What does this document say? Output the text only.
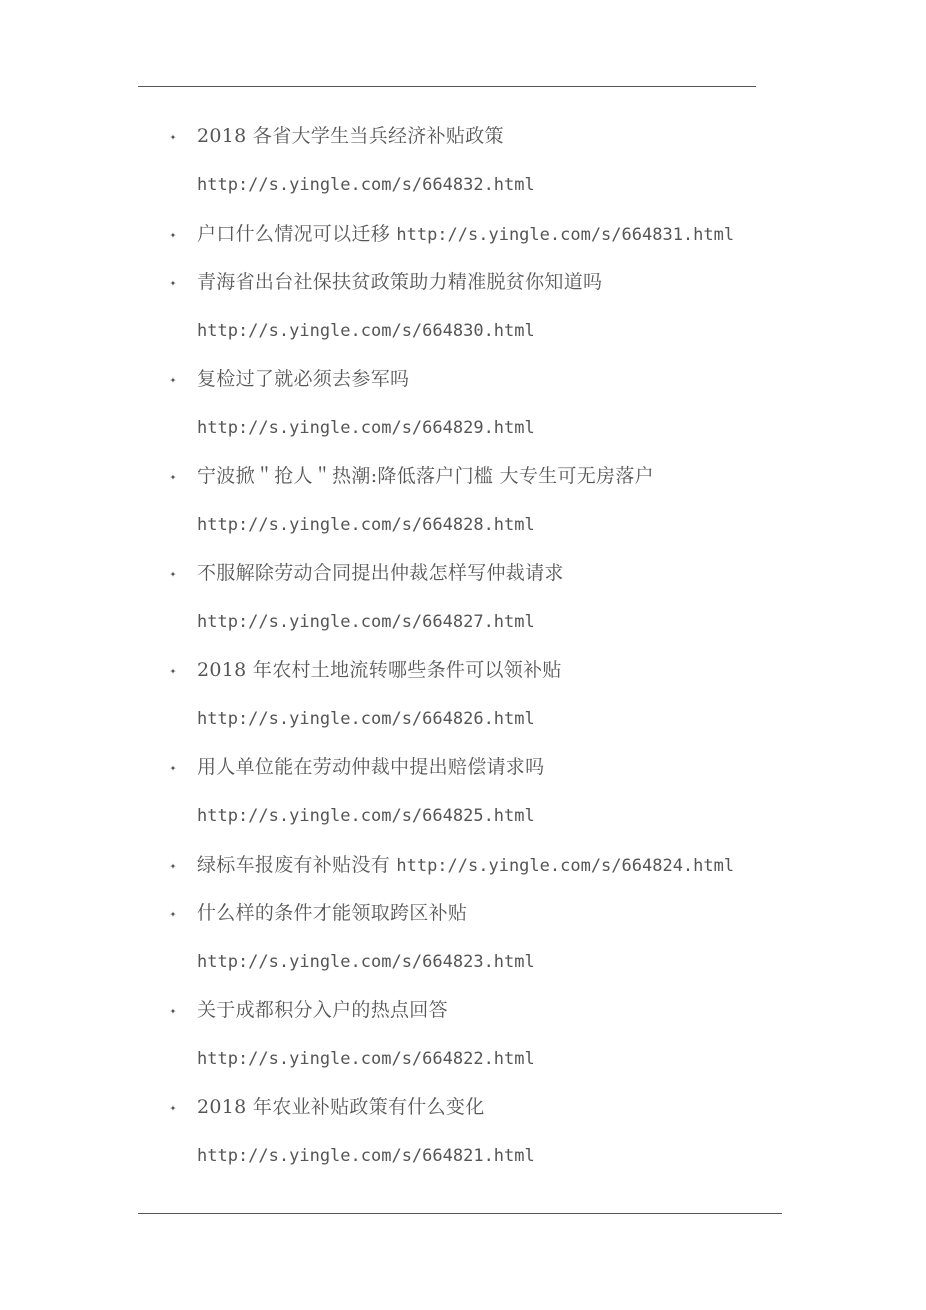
✦ 2018 各省大学生当兵经济补贴政策
http://s.yingle.com/s/664832.html
✦ 户口什么情况可以迁移 http://s.yingle.com/s/664831.html
✦ 青海省出台社保扶贫政策助力精准脱贫你知道吗
http://s.yingle.com/s/664830.html
✦ 复检过了就必须去参军吗
http://s.yingle.com/s/664829.html
✦ 宁波掀＂抢人＂热潮:降低落户门槛 大专生可无房落户
http://s.yingle.com/s/664828.html
✦ 不服解除劳动合同提出仲裁怎样写仲裁请求
http://s.yingle.com/s/664827.html
✦ 2018 年农村土地流转哪些条件可以领补贴
http://s.yingle.com/s/664826.html
✦ 用人单位能在劳动仲裁中提出赔偿请求吗
http://s.yingle.com/s/664825.html
✦ 绿标车报废有补贴没有 http://s.yingle.com/s/664824.html
✦ 什么样的条件才能领取跨区补贴
http://s.yingle.com/s/664823.html
✦ 关于成都积分入户的热点回答
http://s.yingle.com/s/664822.html
✦ 2018 年农业补贴政策有什么变化
http://s.yingle.com/s/664821.html
